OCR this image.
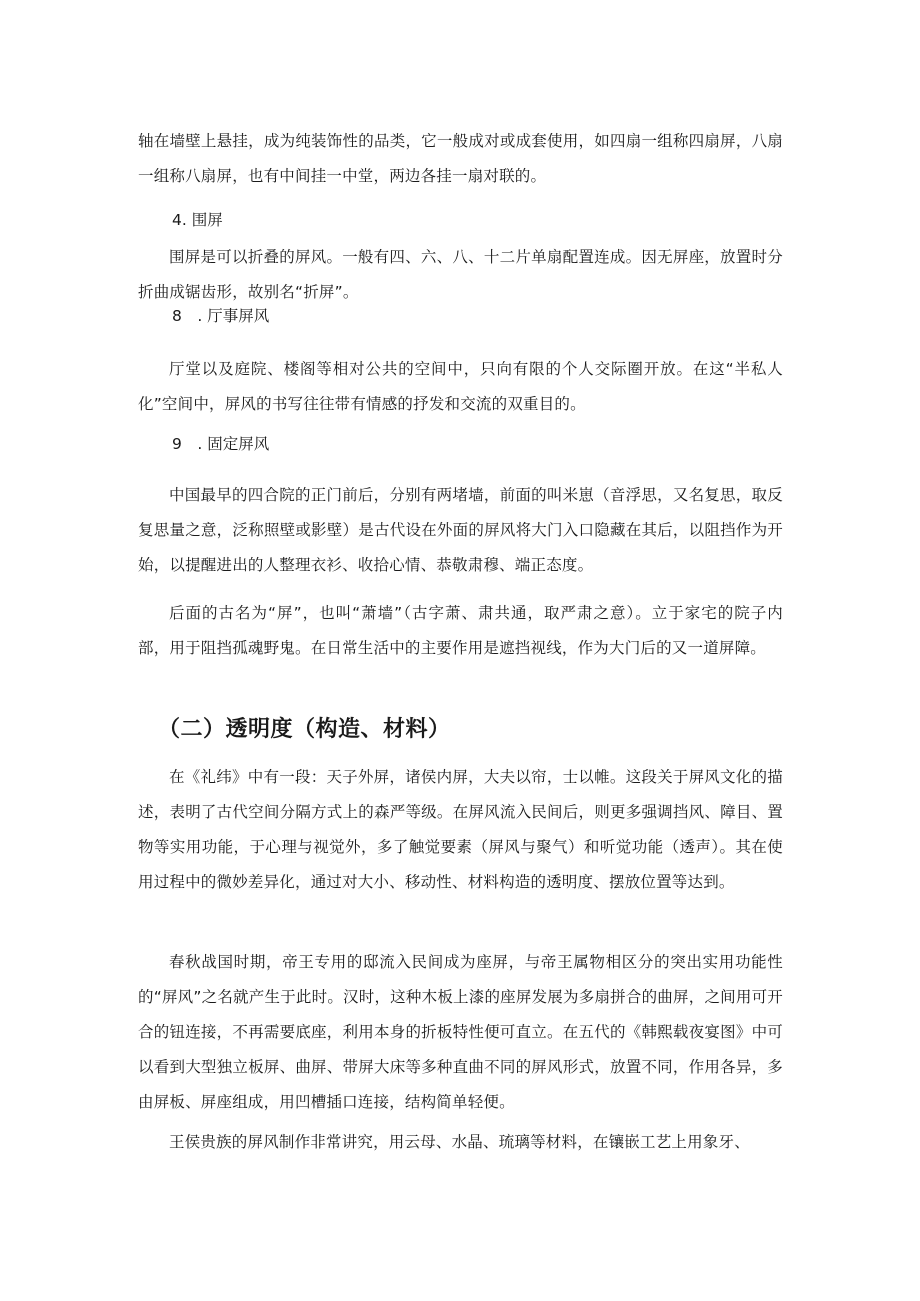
轴在墙壁上悬挂，成为纯装饰性的品类，它一般成对或成套使用，如四扇一组称四扇屏，八扇一组称八扇屏，也有中间挂一中堂，两边各挂一扇对联的。

4. 围屏

围屏是可以折叠的屏风。一般有四、六、八、十二片单扇配置连成。因无屏座，放置时分折曲成锯齿形，故别名“折屏”。

8　. 厅事屏风

厅堂以及庭院、楼阁等相对公共的空间中，只向有限的个人交际圈开放。在这“半私人化”空间中，屏风的书写往往带有情感的抒发和交流的双重目的。

9　. 固定屏风

中国最早的四合院的正门前后，分别有两堵墙，前面的叫米崽（音浮思，又名复思，取反复思量之意，泛称照壁或影壁）是古代设在外面的屏风将大门入口隐藏在其后，以阻挡作为开始，以提醒进出的人整理衣衫、收拾心情、恭敬肃穆、端正态度。

后面的古名为“屏”，也叫“萧墙”（古字萧、肃共通，取严肃之意）。立于家宅的院子内部，用于阻挡孤魂野鬼。在日常生活中的主要作用是遮挡视线，作为大门后的又一道屏障。

（二）透明度（构造、材料）

在《礼纬》中有一段：天子外屏，诸侯内屏，大夫以帘，士以帷。这段关于屏风文化的描述，表明了古代空间分隔方式上的森严等级。在屏风流入民间后，则更多强调挡风、障目、置物等实用功能，于心理与视觉外，多了触觉要素（屏风与聚气）和听觉功能（透声）。其在使用过程中的微妙差异化，通过对大小、移动性、材料构造的透明度、摆放位置等达到。

春秋战国时期，帝王专用的邸流入民间成为座屏，与帝王属物相区分的突出实用功能性的“屏风”之名就产生于此时。汉时，这种木板上漆的座屏发展为多扇拼合的曲屏，之间用可开合的钮连接，不再需要底座，利用本身的折板特性便可直立。在五代的《韩熙载夜宴图》中可以看到大型独立板屏、曲屏、带屏大床等多种直曲不同的屏风形式，放置不同，作用各异，多由屏板、屏座组成，用凹槽插口连接，结构简单轻便。

王侯贵族的屏风制作非常讲究，用云母、水晶、琉璃等材料，在镶嵌工艺上用象牙、
